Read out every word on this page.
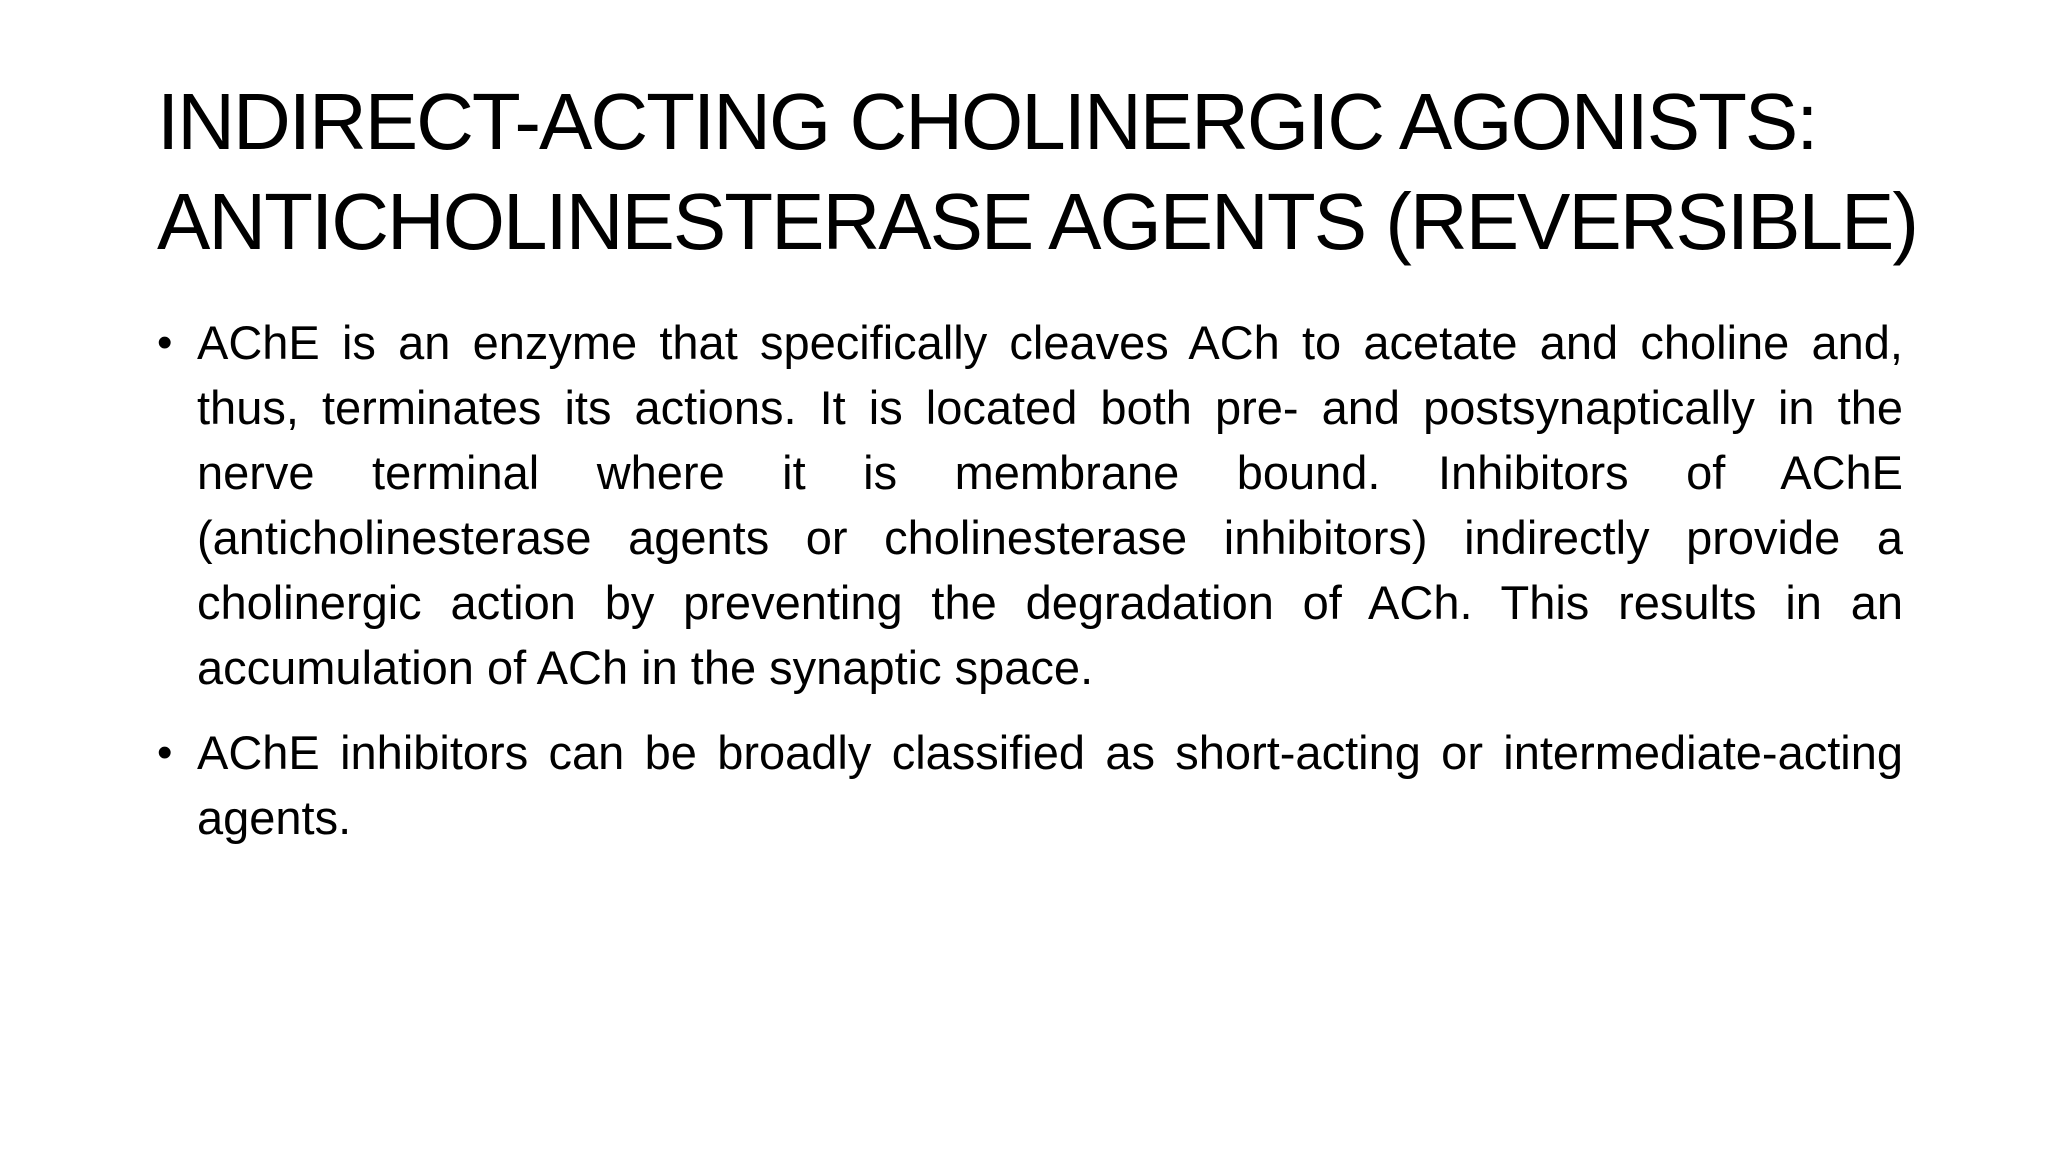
INDIRECT-ACTING CHOLINERGIC AGONISTS:
ANTICHOLINESTERASE AGENTS (REVERSIBLE)
• AChE is an enzyme that specifically cleaves ACh to acetate and choline and, thus, terminates its actions. It is located both pre- and postsynaptically in the nerve terminal where it is membrane bound. Inhibitors of AChE (anticholinesterase agents or cholinesterase inhibitors) indirectly provide a cholinergic action by preventing the degradation of ACh. This results in an accumulation of ACh in the synaptic space.
• AChE inhibitors can be broadly classified as short-acting or intermediate-acting agents.
